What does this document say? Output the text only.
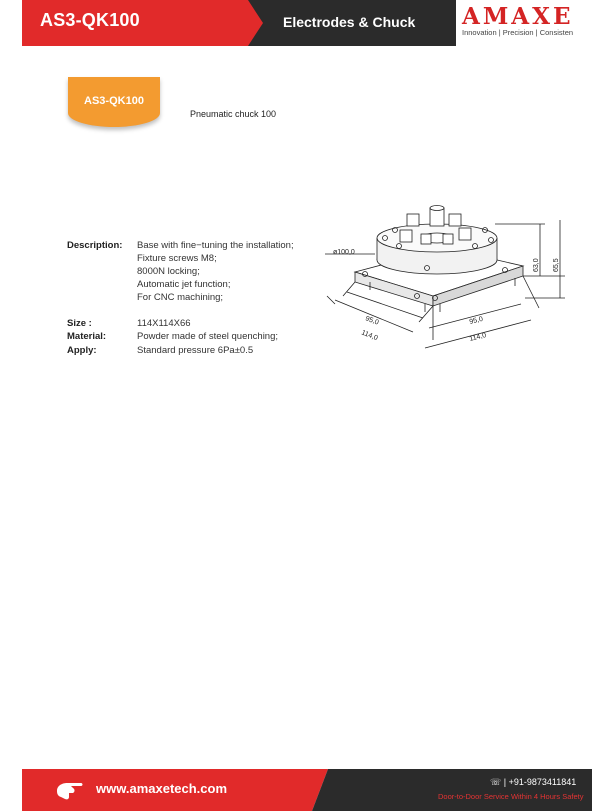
AS3-QK100	Electrodes & Chuck AMAXE
Innovation | Precision | Consisten
AS3-QK100
Pneumatic chuck 100
Description: Base with fine−tuning the installation;
Fixture screws M8;
8000N locking;
Automatic jet function;
For CNC machining;
Size :	114X114X66
Material:	Powder made of steel quenching;
Apply:	Standard pressure 6Pa±0.5
ø100,0
95,0
114,0
95,0
114,0
63,0 65,5
www.amaxetech.com	☏ | +91-9873411841
Door-to-Door Service Within 4 Hours Safety
